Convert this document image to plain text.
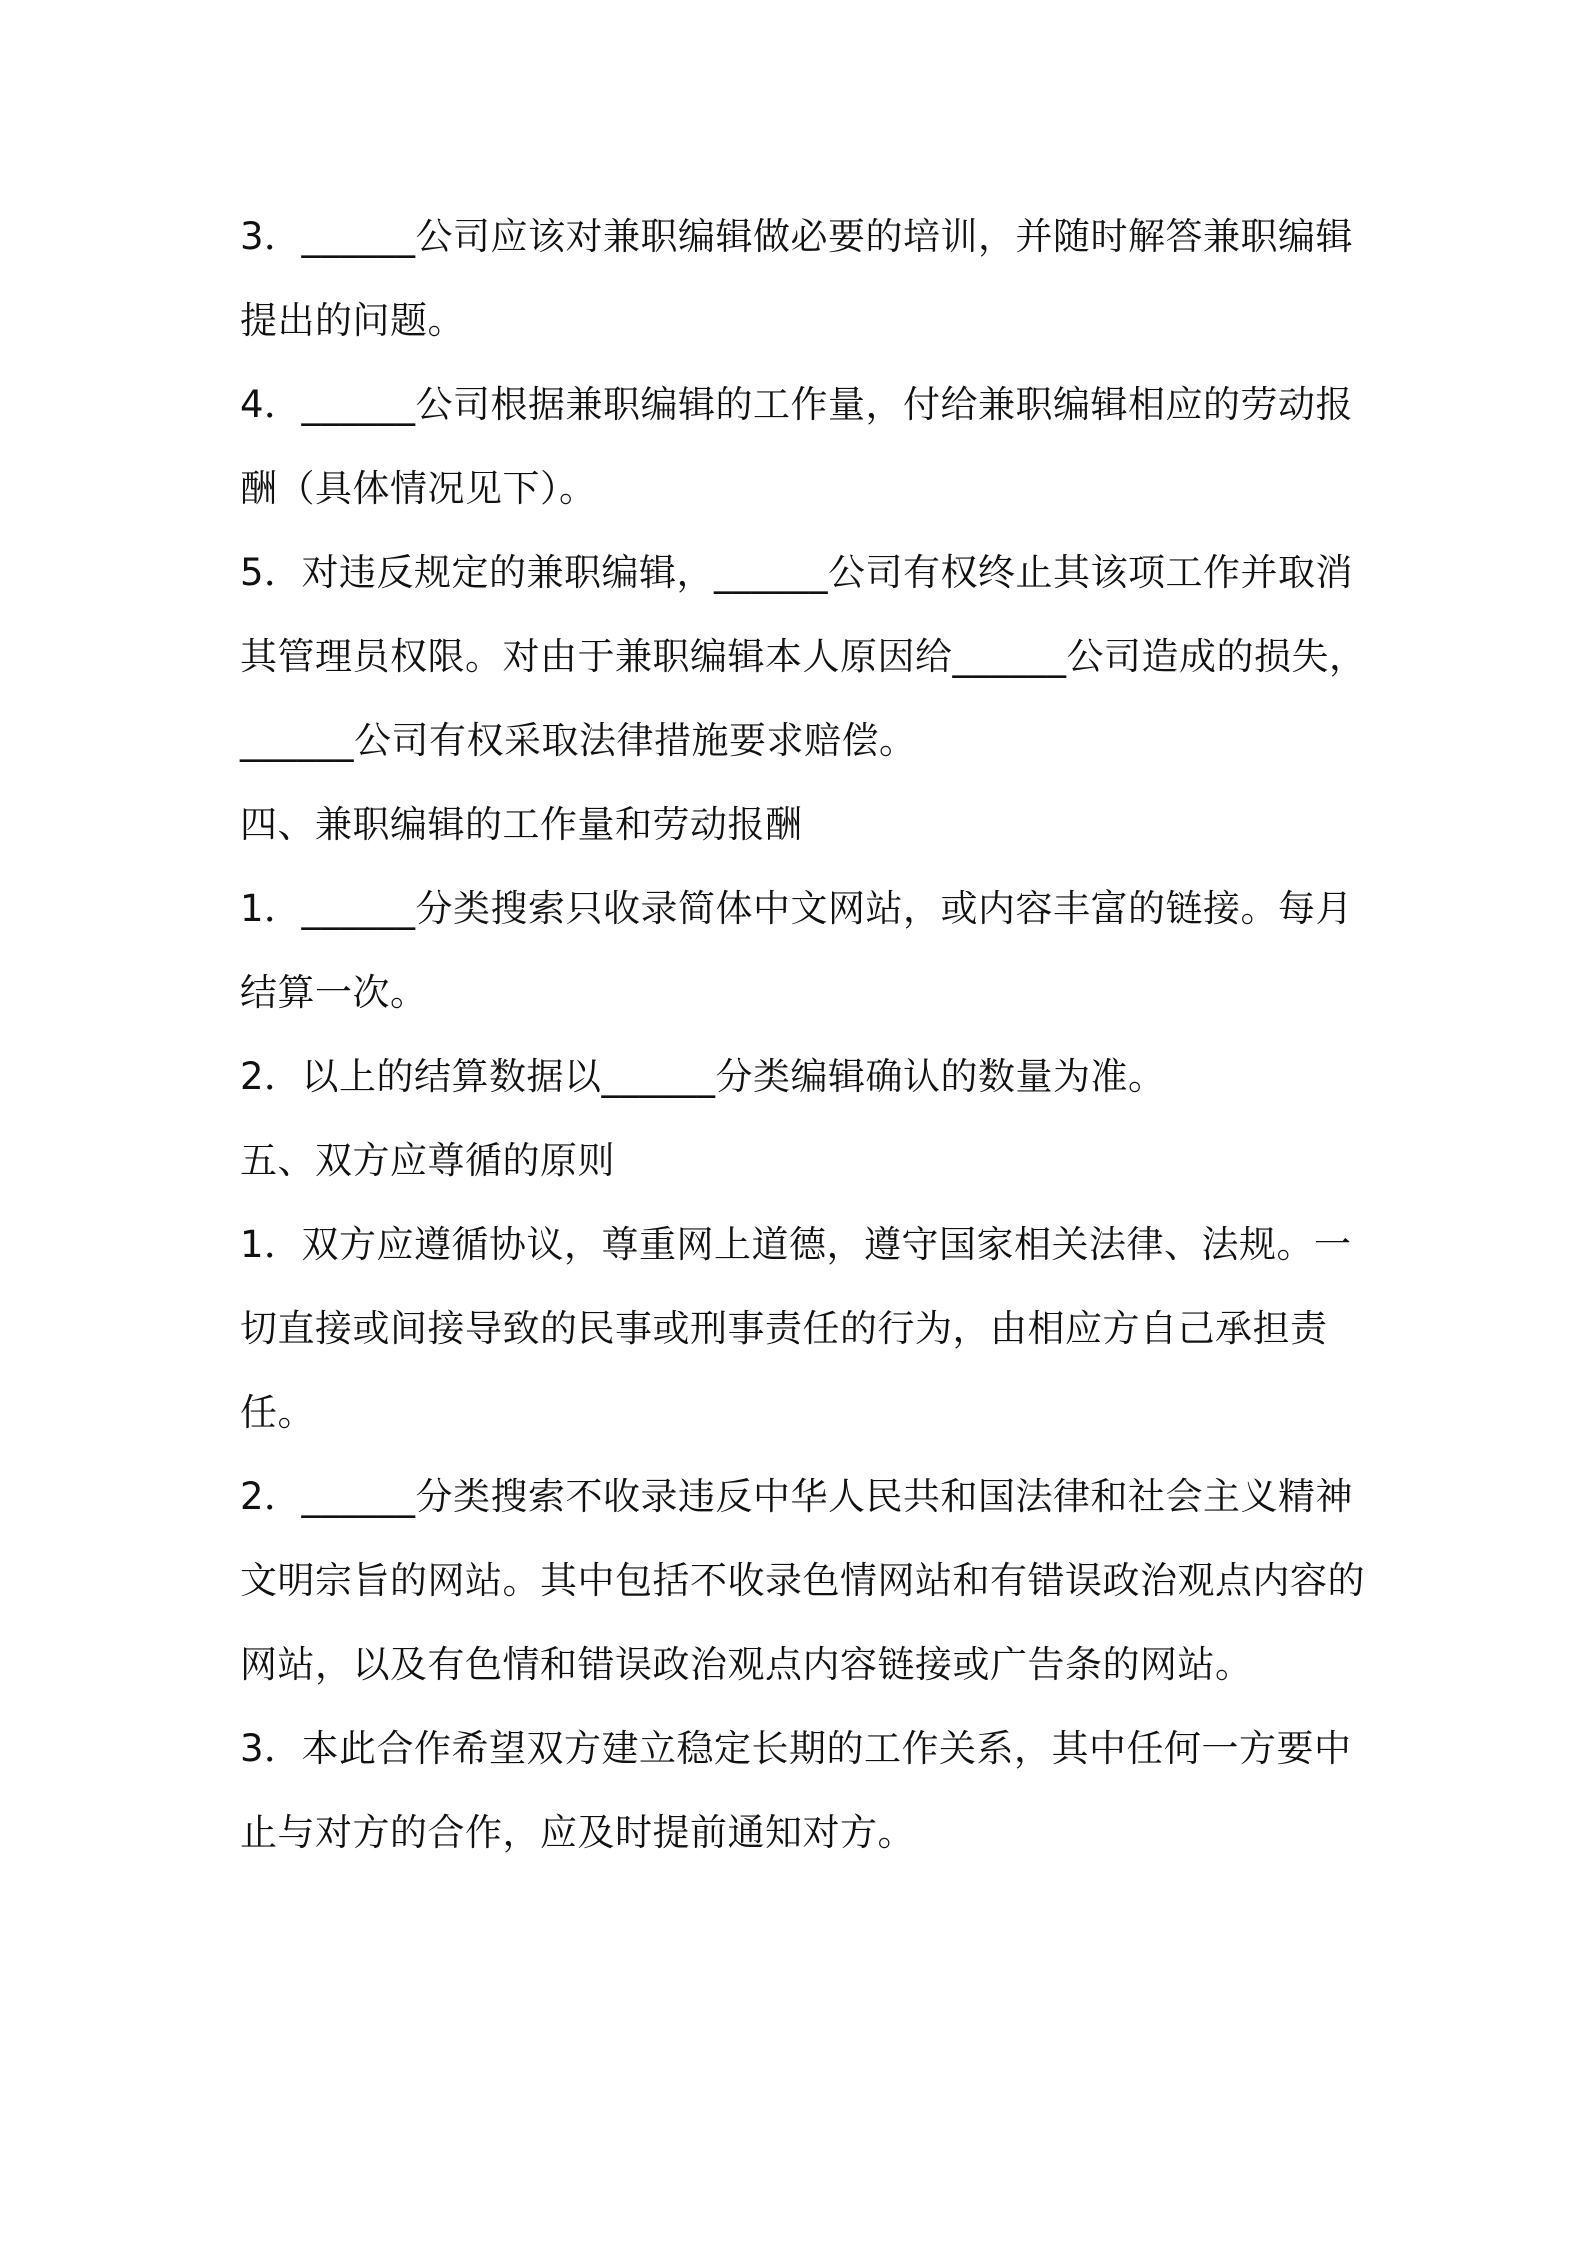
3．______公司应该对兼职编辑做必要的培训，并随时解答兼职编辑提出的问题。

4．______公司根据兼职编辑的工作量，付给兼职编辑相应的劳动报酬（具体情况见下）。

5．对违反规定的兼职编辑，______公司有权终止其该项工作并取消其管理员权限。对由于兼职编辑本人原因给______公司造成的损失，______公司有权采取法律措施要求赔偿。

四、兼职编辑的工作量和劳动报酬

1．______分类搜索只收录简体中文网站，或内容丰富的链接。每月结算一次。

2．以上的结算数据以______分类编辑确认的数量为准。

五、双方应尊循的原则

1．双方应遵循协议，尊重网上道德，遵守国家相关法律、法规。一切直接或间接导致的民事或刑事责任的行为，由相应方自己承担责任。

2．______分类搜索不收录违反中华人民共和国法律和社会主义精神文明宗旨的网站。其中包括不收录色情网站和有错误政治观点内容的网站，以及有色情和错误政治观点内容链接或广告条的网站。

3．本此合作希望双方建立稳定长期的工作关系，其中任何一方要中止与对方的合作，应及时提前通知对方。
